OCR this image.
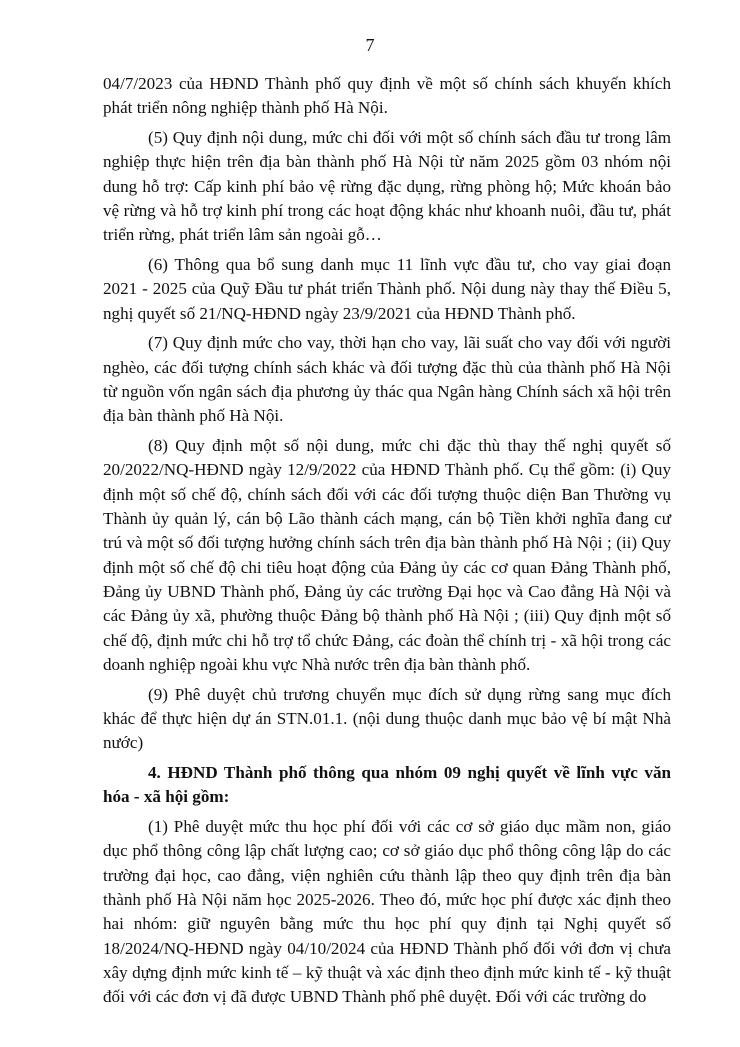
7

04/7/2023 của HĐND Thành phố quy định về một số chính sách khuyến khích phát triển nông nghiệp thành phố Hà Nội.

(5) Quy định nội dung, mức chi đối với một số chính sách đầu tư trong lâm nghiệp thực hiện trên địa bàn thành phố Hà Nội từ năm 2025 gồm 03 nhóm nội dung hỗ trợ: Cấp kinh phí bảo vệ rừng đặc dụng, rừng phòng hộ; Mức khoán bảo vệ rừng và hỗ trợ kinh phí trong các hoạt động khác như khoanh nuôi, đầu tư, phát triển rừng, phát triển lâm sản ngoài gỗ…

(6) Thông qua bổ sung danh mục 11 lĩnh vực đầu tư, cho vay giai đoạn 2021 - 2025 của Quỹ Đầu tư phát triển Thành phố. Nội dung này thay thế Điều 5, nghị quyết số 21/NQ-HĐND ngày 23/9/2021 của HĐND Thành phố.

(7) Quy định mức cho vay, thời hạn cho vay, lãi suất cho vay đối với người nghèo, các đối tượng chính sách khác và đối tượng đặc thù của thành phố Hà Nội từ nguồn vốn ngân sách địa phương ủy thác qua Ngân hàng Chính sách xã hội trên địa bàn thành phố Hà Nội.

(8) Quy định một số nội dung, mức chi đặc thù thay thế nghị quyết số 20/2022/NQ-HĐND ngày 12/9/2022 của HĐND Thành phố. Cụ thể gồm: (i) Quy định một số chế độ, chính sách đối với các đối tượng thuộc diện Ban Thường vụ Thành ủy quản lý, cán bộ Lão thành cách mạng, cán bộ Tiền khởi nghĩa đang cư trú và một số đối tượng hưởng chính sách trên địa bàn thành phố Hà Nội ; (ii) Quy định một số chế độ chi tiêu hoạt động của Đảng ủy các cơ quan Đảng Thành phố, Đảng ủy UBND Thành phố, Đảng ủy các trường Đại học và Cao đẳng Hà Nội và các Đảng ủy xã, phường thuộc Đảng bộ thành phố Hà Nội ; (iii) Quy định một số chế độ, định mức chi hỗ trợ tổ chức Đảng, các đoàn thể chính trị - xã hội trong các doanh nghiệp ngoài khu vực Nhà nước trên địa bàn thành phố.

(9) Phê duyệt chủ trương chuyển mục đích sử dụng rừng sang mục đích khác để thực hiện dự án STN.01.1. (nội dung thuộc danh mục bảo vệ bí mật Nhà nước)

4. HĐND Thành phố thông qua nhóm 09 nghị quyết về lĩnh vực văn hóa - xã hội gồm:

(1) Phê duyệt mức thu học phí đối với các cơ sở giáo dục mầm non, giáo dục phổ thông công lập chất lượng cao; cơ sở giáo dục phổ thông công lập do các trường đại học, cao đẳng, viện nghiên cứu thành lập theo quy định trên địa bàn thành phố Hà Nội năm học 2025-2026. Theo đó, mức học phí được xác định theo hai nhóm: giữ nguyên bằng mức thu học phí quy định tại Nghị quyết số 18/2024/NQ-HĐND ngày 04/10/2024 của HĐND Thành phố đối với đơn vị chưa xây dựng định mức kinh tế – kỹ thuật và xác định theo định mức kinh tế - kỹ thuật đối với các đơn vị đã được UBND Thành phố phê duyệt. Đối với các trường do
